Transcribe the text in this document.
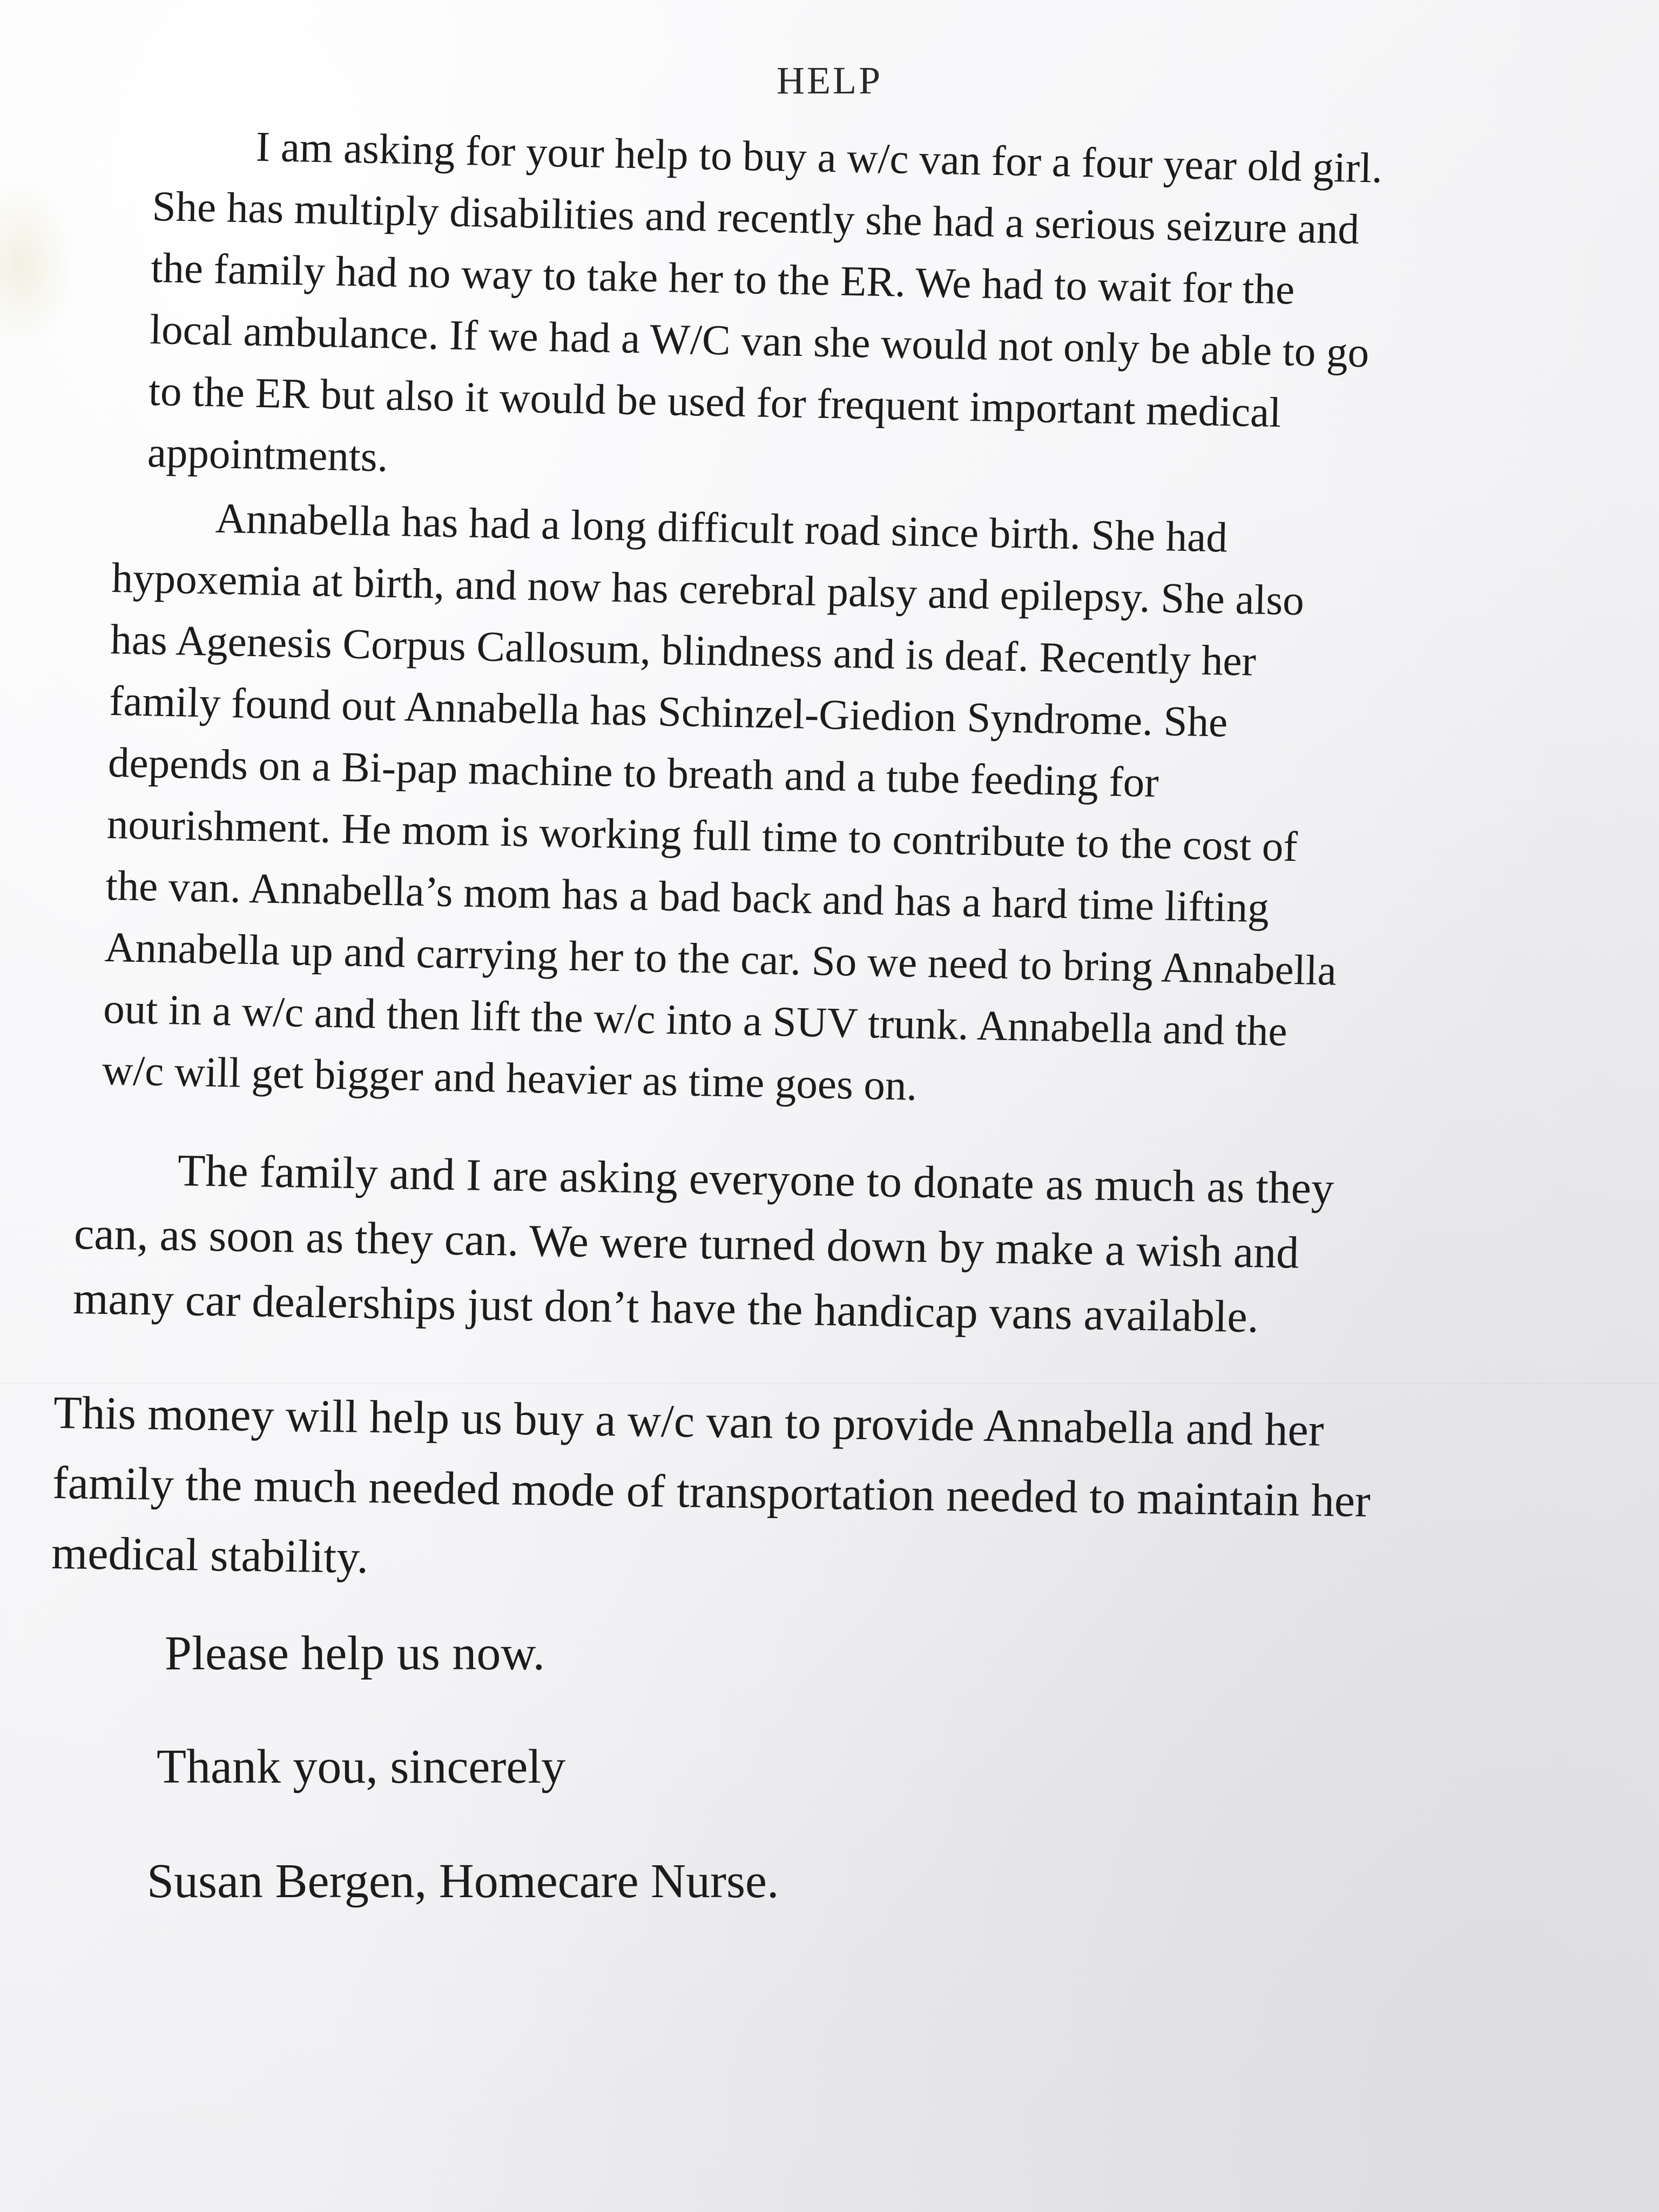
HELP
I am asking for your help to buy a w/c van for a four year old girl.
She has multiply disabilities and recently she had a serious seizure and
the family had no way to take her to the ER. We had to wait for the
local ambulance. If we had a W/C van she would not only be able to go
to the ER but also it would be used for frequent important medical
appointments.
Annabella has had a long difficult road since birth. She had
hypoxemia at birth, and now has cerebral palsy and epilepsy. She also
has Agenesis Corpus Callosum, blindness and is deaf. Recently her
family found out Annabella has Schinzel-Giedion Syndrome. She
depends on a Bi-pap machine to breath and a tube feeding for
nourishment. He mom is working full time to contribute to the cost of
the van. Annabella’s mom has a bad back and has a hard time lifting
Annabella up and carrying her to the car. So we need to bring Annabella
out in a w/c and then lift the w/c into a SUV trunk. Annabella and the
w/c will get bigger and heavier as time goes on.
The family and I are asking everyone to donate as much as they
can, as soon as they can. We were turned down by make a wish and
many car dealerships just don’t have the handicap vans available.
This money will help us buy a w/c van to provide Annabella and her
family the much needed mode of transportation needed to maintain her
medical stability.
Please help us now.
Thank you, sincerely
Susan Bergen, Homecare Nurse.
